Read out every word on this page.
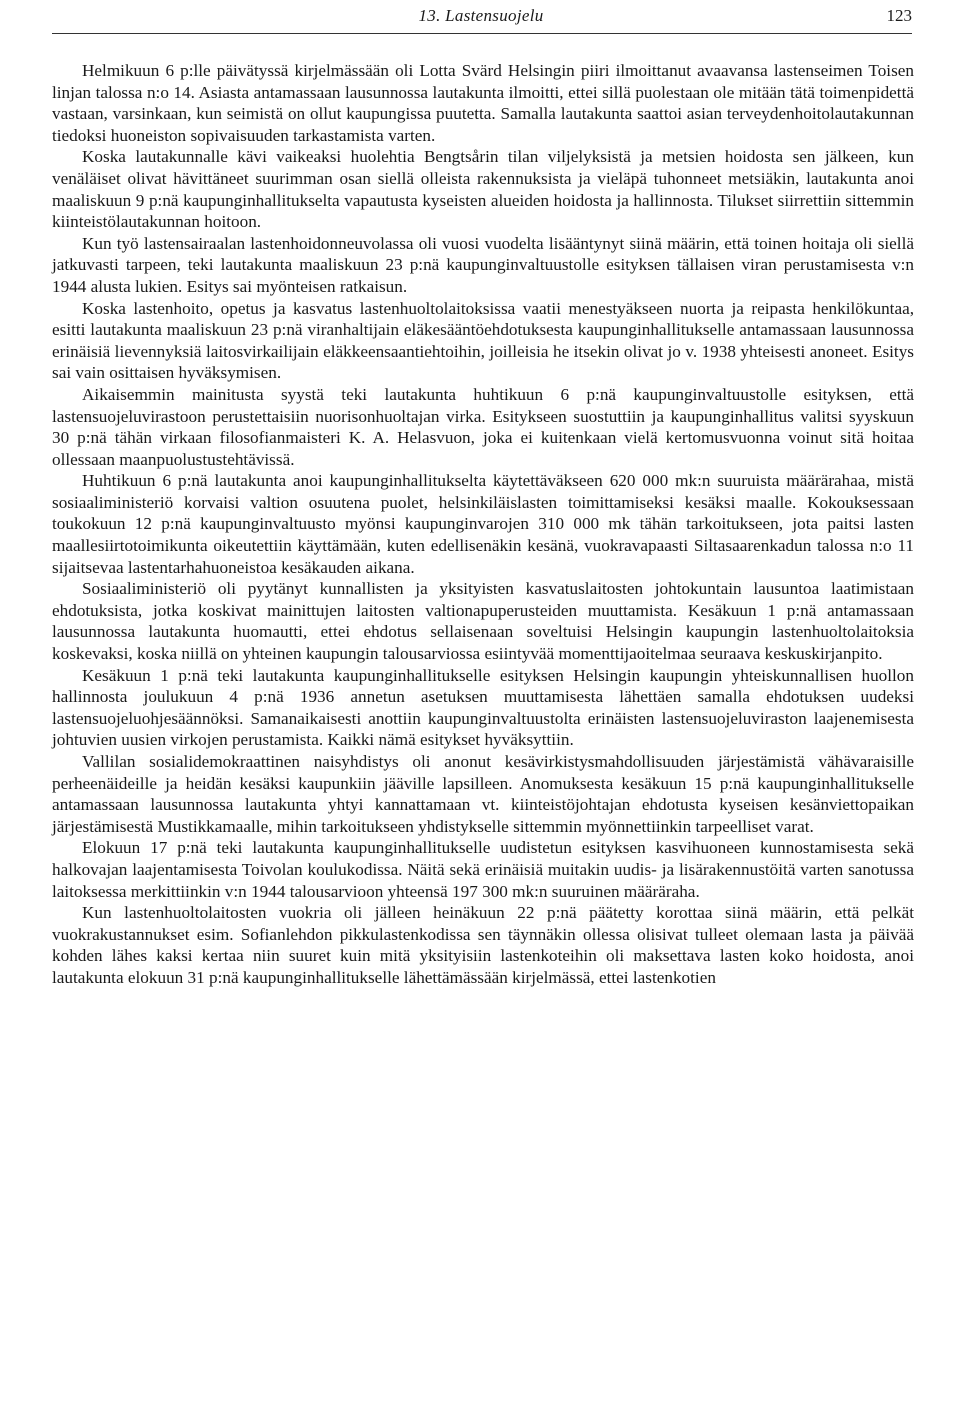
13. Lastensuojelu	123

Helmikuun 6 p:lle päivätyssä kirjelmässään oli Lotta Svärd Helsingin piiri ilmoittanut avaavansa lastenseimen Toisen linjan talossa n:o 14. Asiasta antamassaan lausunnossa lautakunta ilmoitti, ettei sillä puolestaan ole mitään tätä toimenpidettä vastaan, varsinkaan, kun seimistä on ollut kaupungissa puutetta. Samalla lautakunta saattoi asian terveydenhoitolautakunnan tiedoksi huoneiston sopivaisuuden tarkastamista varten.

Koska lautakunnalle kävi vaikeaksi huolehtia Bengtsårin tilan viljelyksistä ja metsien hoidosta sen jälkeen, kun venäläiset olivat hävittäneet suurimman osan siellä olleista rakennuksista ja vieläpä tuhonneet metsiäkin, lautakunta anoi maaliskuun 9 p:nä kaupunginhallitukselta vapautusta kyseisten alueiden hoidosta ja hallinnosta. Tilukset siirrettiin sittemmin kiinteistölautakunnan hoitoon.

Kun työ lastensairaalan lastenhoidonneuvolassa oli vuosi vuodelta lisääntynyt siinä määrin, että toinen hoitaja oli siellä jatkuvasti tarpeen, teki lautakunta maaliskuun 23 p:nä kaupunginvaltuustolle esityksen tällaisen viran perustamisesta v:n 1944 alusta lukien. Esitys sai myönteisen ratkaisun.

Koska lastenhoito, opetus ja kasvatus lastenhuoltolaitoksissa vaatii menestyäkseen nuorta ja reipasta henkilökuntaa, esitti lautakunta maaliskuun 23 p:nä viranhaltijain eläkesääntöehdotuksesta kaupunginhallitukselle antamassaan lausunnossa erinäisiä lievennyksiä laitosvirkailijain eläkkeensaantiehtoihin, joilleisia he itsekin olivat jo v. 1938 yhteisesti anoneet. Esitys sai vain osittaisen hyväksymisen.

Aikaisemmin mainitusta syystä teki lautakunta huhtikuun 6 p:nä kaupunginvaltuustolle esityksen, että lastensuojeluvirastoon perustettaisiin nuorisonhuoltajan virka. Esitykseen suostuttiin ja kaupunginhallitus valitsi syyskuun 30 p:nä tähän virkaan filosofianmaisteri K. A. Helasvuon, joka ei kuitenkaan vielä kertomusvuonna voinut sitä hoitaa ollessaan maanpuolustustehtävissä.

Huhtikuun 6 p:nä lautakunta anoi kaupunginhallitukselta käytettäväkseen 620 000 mk:n suuruista määrärahaa, mistä sosiaaliministeriö korvaisi valtion osuutena puolet, helsinkiläislasten toimittamiseksi kesäksi maalle. Kokouksessaan toukokuun 12 p:nä kaupunginvaltuusto myönsi kaupunginvarojen 310 000 mk tähän tarkoitukseen, jota paitsi lasten maallesiirtotoimikunta oikeutettiin käyttämään, kuten edellisenäkin kesänä, vuokravapaasti Siltasaarenkadun talossa n:o 11 sijaitsevaa lastentarhahuoneistoa kesäkauden aikana.

Sosiaaliministeriö oli pyytänyt kunnallisten ja yksityisten kasvatuslaitosten johtokuntain lausuntoa laatimistaan ehdotuksista, jotka koskivat mainittujen laitosten valtionapuperusteiden muuttamista. Kesäkuun 1 p:nä antamassaan lausunnossa lautakunta huomautti, ettei ehdotus sellaisenaan soveltuisi Helsingin kaupungin lastenhuoltolaitoksia koskevaksi, koska niillä on yhteinen kaupungin talousarviossa esiintyvää momenttijaoitelmaa seuraava keskuskirjanpito.

Kesäkuun 1 p:nä teki lautakunta kaupunginhallitukselle esityksen Helsingin kaupungin yhteiskunnallisen huollon hallinnosta joulukuun 4 p:nä 1936 annetun asetuksen muuttamisesta lähettäen samalla ehdotuksen uudeksi lastensuojeluohjesäännöksi. Samanaikaisesti anottiin kaupunginvaltuustolta erinäisten lastensuojeluviraston laajenemisesta johtuvien uusien virkojen perustamista. Kaikki nämä esitykset hyväksyttiin.

Vallilan sosialidemokraattinen naisyhdistys oli anonut kesävirkistysmahdollisuuden järjestämistä vähävaraisille perheenäideille ja heidän kesäksi kaupunkiin jääville lapsilleen. Anomuksesta kesäkuun 15 p:nä kaupunginhallitukselle antamassaan lausunnossa lautakunta yhtyi kannattamaan vt. kiinteistöjohtajan ehdotusta kyseisen kesänviettopaikan järjestämisestä Mustikkamaalle, mihin tarkoitukseen yhdistykselle sittemmin myönnettiinkin tarpeelliset varat.

Elokuun 17 p:nä teki lautakunta kaupunginhallitukselle uudistetun esityksen kasvihuoneen kunnostamisesta sekä halkovajan laajentamisesta Toivolan koulukodissa. Näitä sekä erinäisiä muitakin uudis- ja lisärakennustöitä varten sanotussa laitoksessa merkittiinkin v:n 1944 talousarvioon yhteensä 197 300 mk:n suuruinen määräraha.

Kun lastenhuoltolaitosten vuokria oli jälleen heinäkuun 22 p:nä päätetty korottaa siinä määrin, että pelkät vuokrakustannukset esim. Sofianlehdon pikkulastenkodissa sen täynnäkin ollessa olisivat tulleet olemaan lasta ja päivää kohden lähes kaksi kertaa niin suuret kuin mitä yksityisiin lastenkoteihin oli maksettava lasten koko hoidosta, anoi lautakunta elokuun 31 p:nä kaupunginhallitukselle lähettämässään kirjelmässä, ettei lastenkotien
